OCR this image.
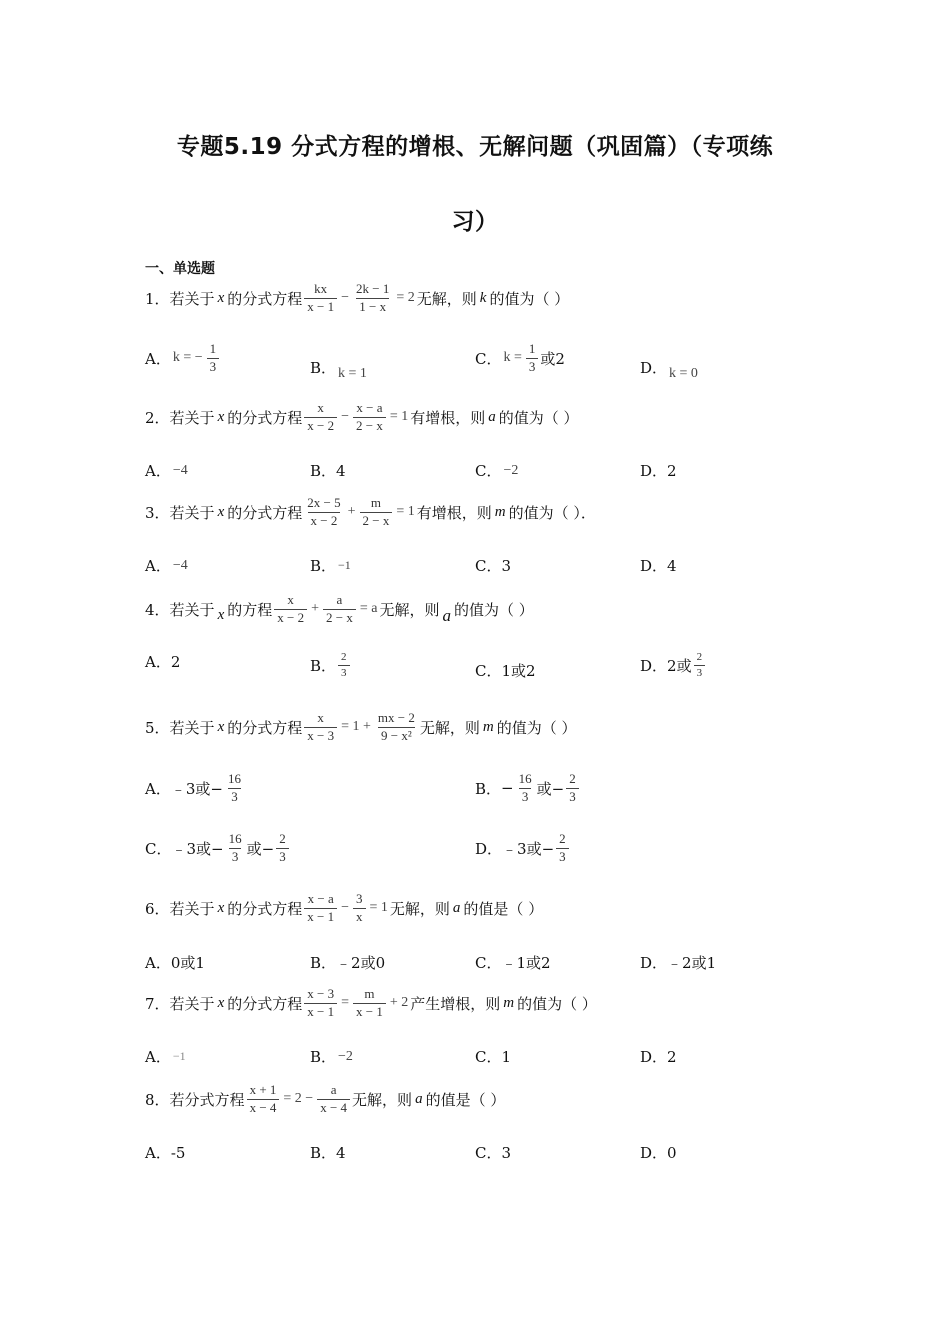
专题5.19 分式方程的增根、无解问题（巩固篇）（专项练
习）
一、单选题
1． 若关于 x 的分式方程 $\frac{kx}{x - 1} - \frac{2k - 1}{1 - x} = 2$ 无解，则 k 的值为（ ）
A． k = − $\frac{1}{3}$	B． k = 1
C． $k = \frac{1}{3}$ 或2	D． k = 0
2． 若关于 x 的分式方程 $\frac{x}{x - 2} - \frac{x - a}{2 - x} = 1$ 有增根，则 a 的值为（ ）
A． −4	B． 4	C． −2	D． 2
3． 若关于 x 的分式方程 $\frac{2x - 5}{x - 2} + \frac{m}{2 - x} = 1$ 有增根，则 m 的值为（ ）．
A． −4	B． −1	C． 3	D． 4
4． 若关于 x 的方程 $\frac{x}{x - 2} + \frac{a}{2 - x} = a$ 无解，则 a 的值为（ ）
A． 2	B． $\frac{2}{3}$	C． 1或2	D． 2或 $\frac{2}{3}$
5． 若关于 x 的分式方程 $\frac{x}{x - 3} = 1 + \frac{mx - 2}{\text{9 − x²}}$ 无解，则 m 的值为（ ）
A． ﹣3或− $\frac{16}{3}$	B． − $\frac{16}{3}$ 或− $\frac{2}{3}$
C． ﹣3或− $\frac{16}{3}$ 或− $\frac{2}{3}$	D． ﹣3或− $\frac{2}{3}$
6． 若关于 x 的分式方程 $\frac{x - a}{x - 1} - \frac{3}{x} = 1$ 无解，则 a 的值是（ ）
A． 0或1	B． ﹣2或0	C． ﹣1或2	D． ﹣2或1
7． 若关于 x 的分式方程 $\frac{x - 3}{x - 1} = \frac{m}{x - 1} + 2$ 产生增根，则 m 的值为（ ）
A． −1	B． −2	C． 1	D． 2
8． 若分式方程 $\frac{x + 1}{x - 4} = 2 - \frac{a}{x - 4}$ 无解，则 a 的值是（ ）
A． -5	B． 4	C． 3	D． 0
